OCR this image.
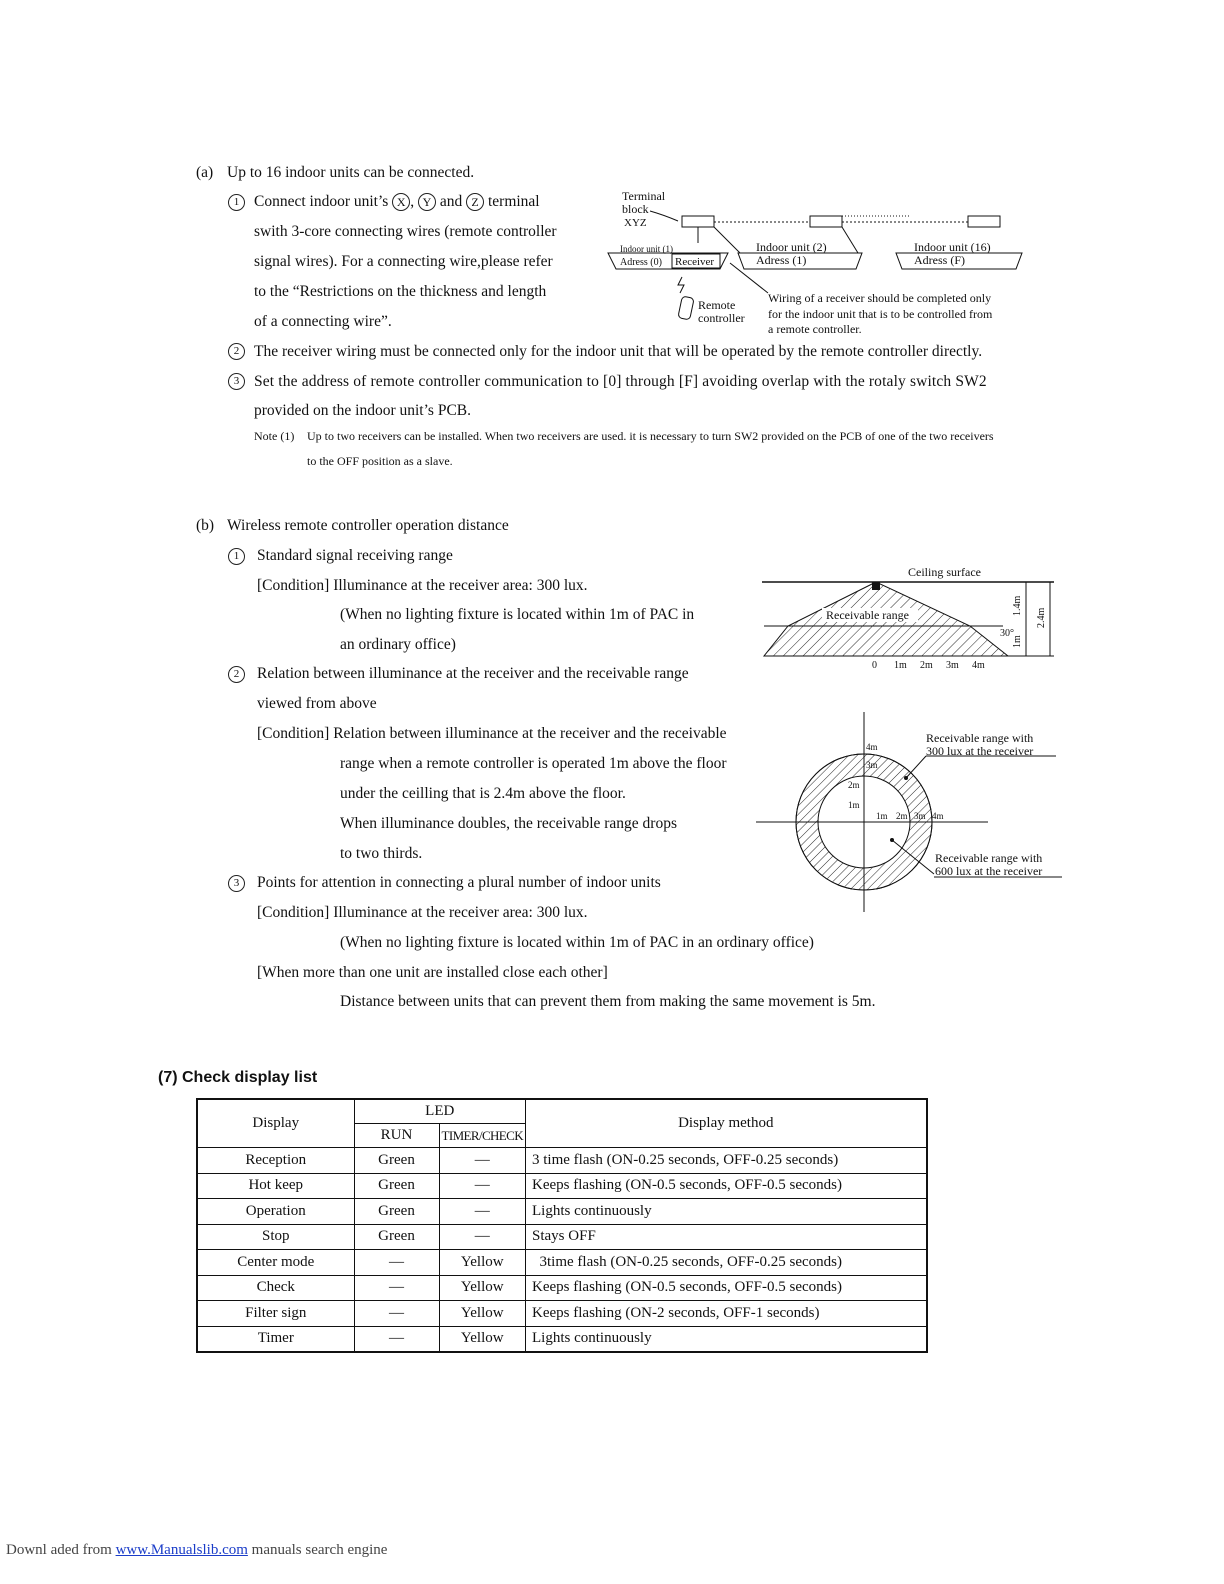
(a) Up to 16 indoor units can be connected.
1 Connect indoor unit’s X , Y and Z terminal
swith 3-core connecting wires (remote controller
signal wires). For a connecting wire,please refer
to the “Restrictions on the thickness and length
of a connecting wire”.
2 The receiver wiring must be connected only for the indoor unit that will be operated by the remote controller directly.
3 Set the address of remote controller communication to [0] through [F] avoiding overlap with the rotaly switch SW2
provided on the indoor unit’s PCB.
Note (1) Up to two receivers can be installed. When two receivers are used. it is necessary to turn SW2 provided on the PCB of one of the two receivers
to the OFF position as a slave.
Terminal
block
XYZ
Indoor unit (1)
Adress (0) Receiver
Indoor unit (2)
Adress (1)
Indoor unit (16)
Adress (F)
Remote
controller
Wiring of a receiver should be completed only
for the indoor unit that is to be controlled from
a remote controller.
(b) Wireless remote controller operation distance
1	Standard signal receiving range
[Condition] Illuminance at the receiver area: 300 lux.
(When no lighting fixture is located within 1m of PAC in
an ordinary office)
2	Relation between illuminance at the receiver and the receivable range
viewed from above
[Condition] Relation between illuminance at the receiver and the receivable
range when a remote controller is operated 1m above the floor
under the ceilling that is 2.4m above the floor.
When illuminance doubles, the receivable range drops
to two thirds.
3	Points for attention in connecting a plural number of indoor units
[Condition] Illuminance at the receiver area: 300 lux.
(When no lighting fixture is located within 1m of PAC in an ordinary office)
[When more than one unit are installed close each other]
Distance between units that can prevent them from making the same movement is 5m.
Ceiling surface
Receivable range
30°
1.4m
2.4m
1m
0 1m 2m 3m 4m
4m
3m
2m
1m
1m 2m 3m 4m
Receivable range with
300 lux at the receiver
Receivable range with
600 lux at the receiver
(7) Check display list
Display	LED		Display method
	RUN	TIMER/CHECK	
Reception	Green	—	3 time flash (ON-0.25 seconds, OFF-0.25 seconds)
Hot keep	Green	—	Keeps flashing (ON-0.5 seconds, OFF-0.5 seconds)
Operation	Green	—	Lights continuously
Stop	Green	—	Stays OFF
Center mode	—	Yellow	3time flash (ON-0.25 seconds, OFF-0.25 seconds)
Check	—	Yellow	Keeps flashing (ON-0.5 seconds, OFF-0.5 seconds)
Filter sign	—	Yellow	Keeps flashing (ON-2 seconds, OFF-1 seconds)
Timer	—	Yellow	Lights continuously
Downl aded from www.Manualslib.com manuals search engine
